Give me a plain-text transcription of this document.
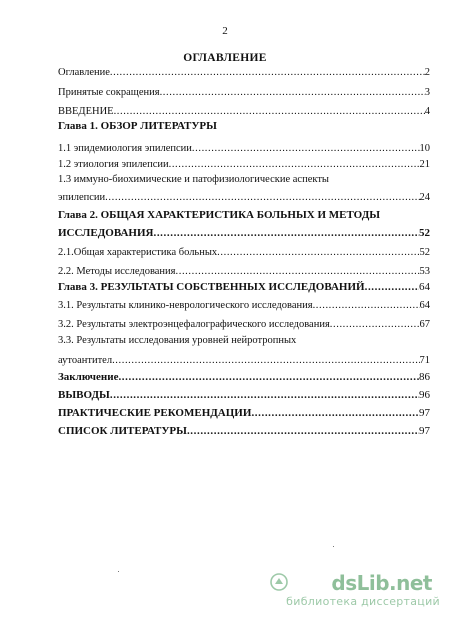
2
ОГЛАВЛЕНИЕ
Оглавление .....	2
Принятые сокращения .....	3
ВВЕДЕНИЕ .....	4
Глава 1. ОБЗОР ЛИТЕРАТУРЫ
1.1 эпидемиология эпилепсии .....	10
1.2 этиология эпилепсии .....	21
1.3 иммуно-биохимические и патофизиологические аспекты
эпилепсии .....	24
Глава 2. ОБЩАЯ ХАРАКТЕРИСТИКА БОЛЬНЫХ И МЕТОДЫ
ИССЛЕДОВАНИЯ .....	52
2.1.Общая характеристика больных .....	52
2.2. Методы исследования .....	53
Глава 3. РЕЗУЛЬТАТЫ СОБСТВЕННЫХ ИССЛЕДОВАНИЙ .....	64
3.1. Результаты клинико-неврологического исследования .....	64
3.2. Результаты электроэнцефалографического исследования .....	67
3.3. Результаты исследования уровней нейротропных
аутоантител .....	71
Заключение .....	86
ВЫВОДЫ .....	96
ПРАКТИЧЕСКИЕ РЕКОМЕНДАЦИИ .....	97
СПИСОК ЛИТЕРАТУРЫ .....	97
dsLib.net
библиотека диссертаций
